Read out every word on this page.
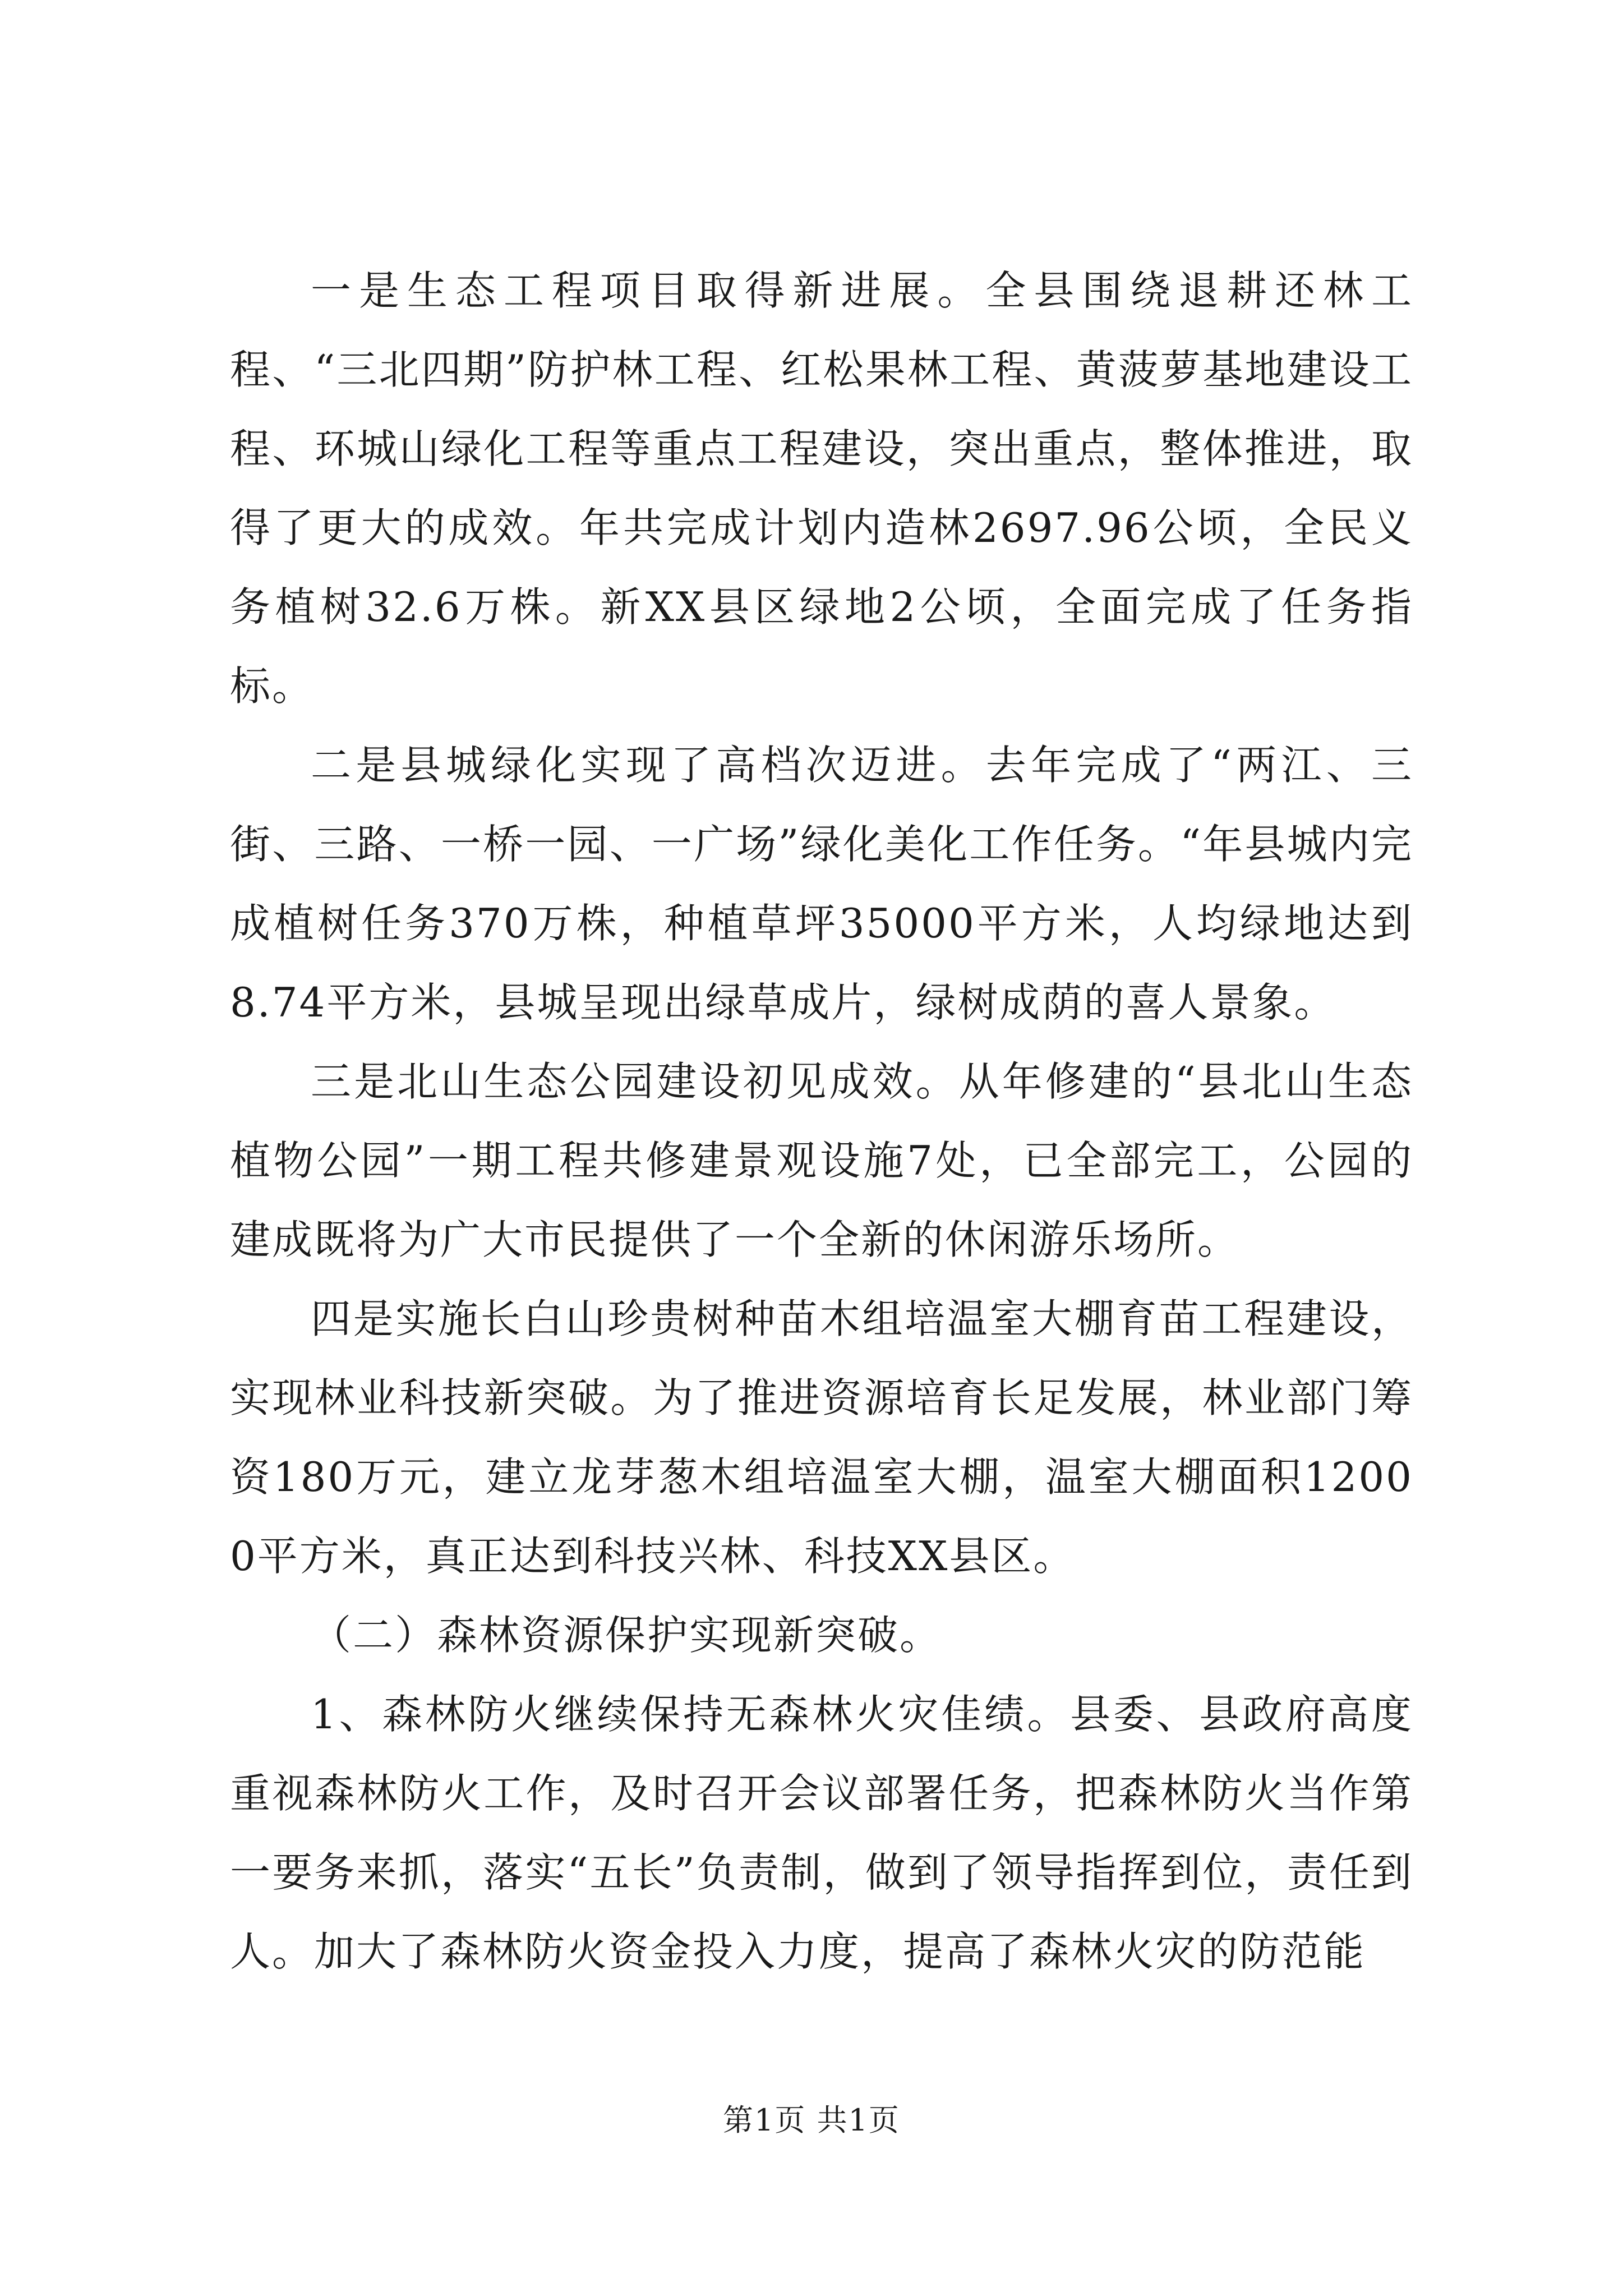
一是生态工程项目取得新进展。全县围绕退耕还林工程、“三北四期”防护林工程、红松果林工程、黄菠萝基地建设工程、环城山绿化工程等重点工程建设，突出重点，整体推进，取得了更大的成效。年共完成计划内造林2697.96公顷，全民义务植树32.6万株。新XX县区绿地2公顷，全面完成了任务指标。

二是县城绿化实现了高档次迈进。去年完成了“两江、三街、三路、一桥一园、一广场”绿化美化工作任务。“年县城内完成植树任务370万株，种植草坪35000平方米，人均绿地达到8.74平方米，县城呈现出绿草成片，绿树成荫的喜人景象。

三是北山生态公园建设初见成效。从年修建的“县北山生态植物公园”一期工程共修建景观设施7处，已全部完工，公园的建成既将为广大市民提供了一个全新的休闲游乐场所。

四是实施长白山珍贵树种苗木组培温室大棚育苗工程建设，实现林业科技新突破。为了推进资源培育长足发展，林业部门筹资180万元，建立龙芽葱木组培温室大棚，温室大棚面积12000平方米，真正达到科技兴林、科技XX县区。

（二）森林资源保护实现新突破。

1、森林防火继续保持无森林火灾佳绩。县委、县政府高度重视森林防火工作，及时召开会议部署任务，把森林防火当作第一要务来抓，落实“五长”负责制，做到了领导指挥到位，责任到人。加大了森林防火资金投入力度，提高了森林火灾的防范能

第1页 共1页
